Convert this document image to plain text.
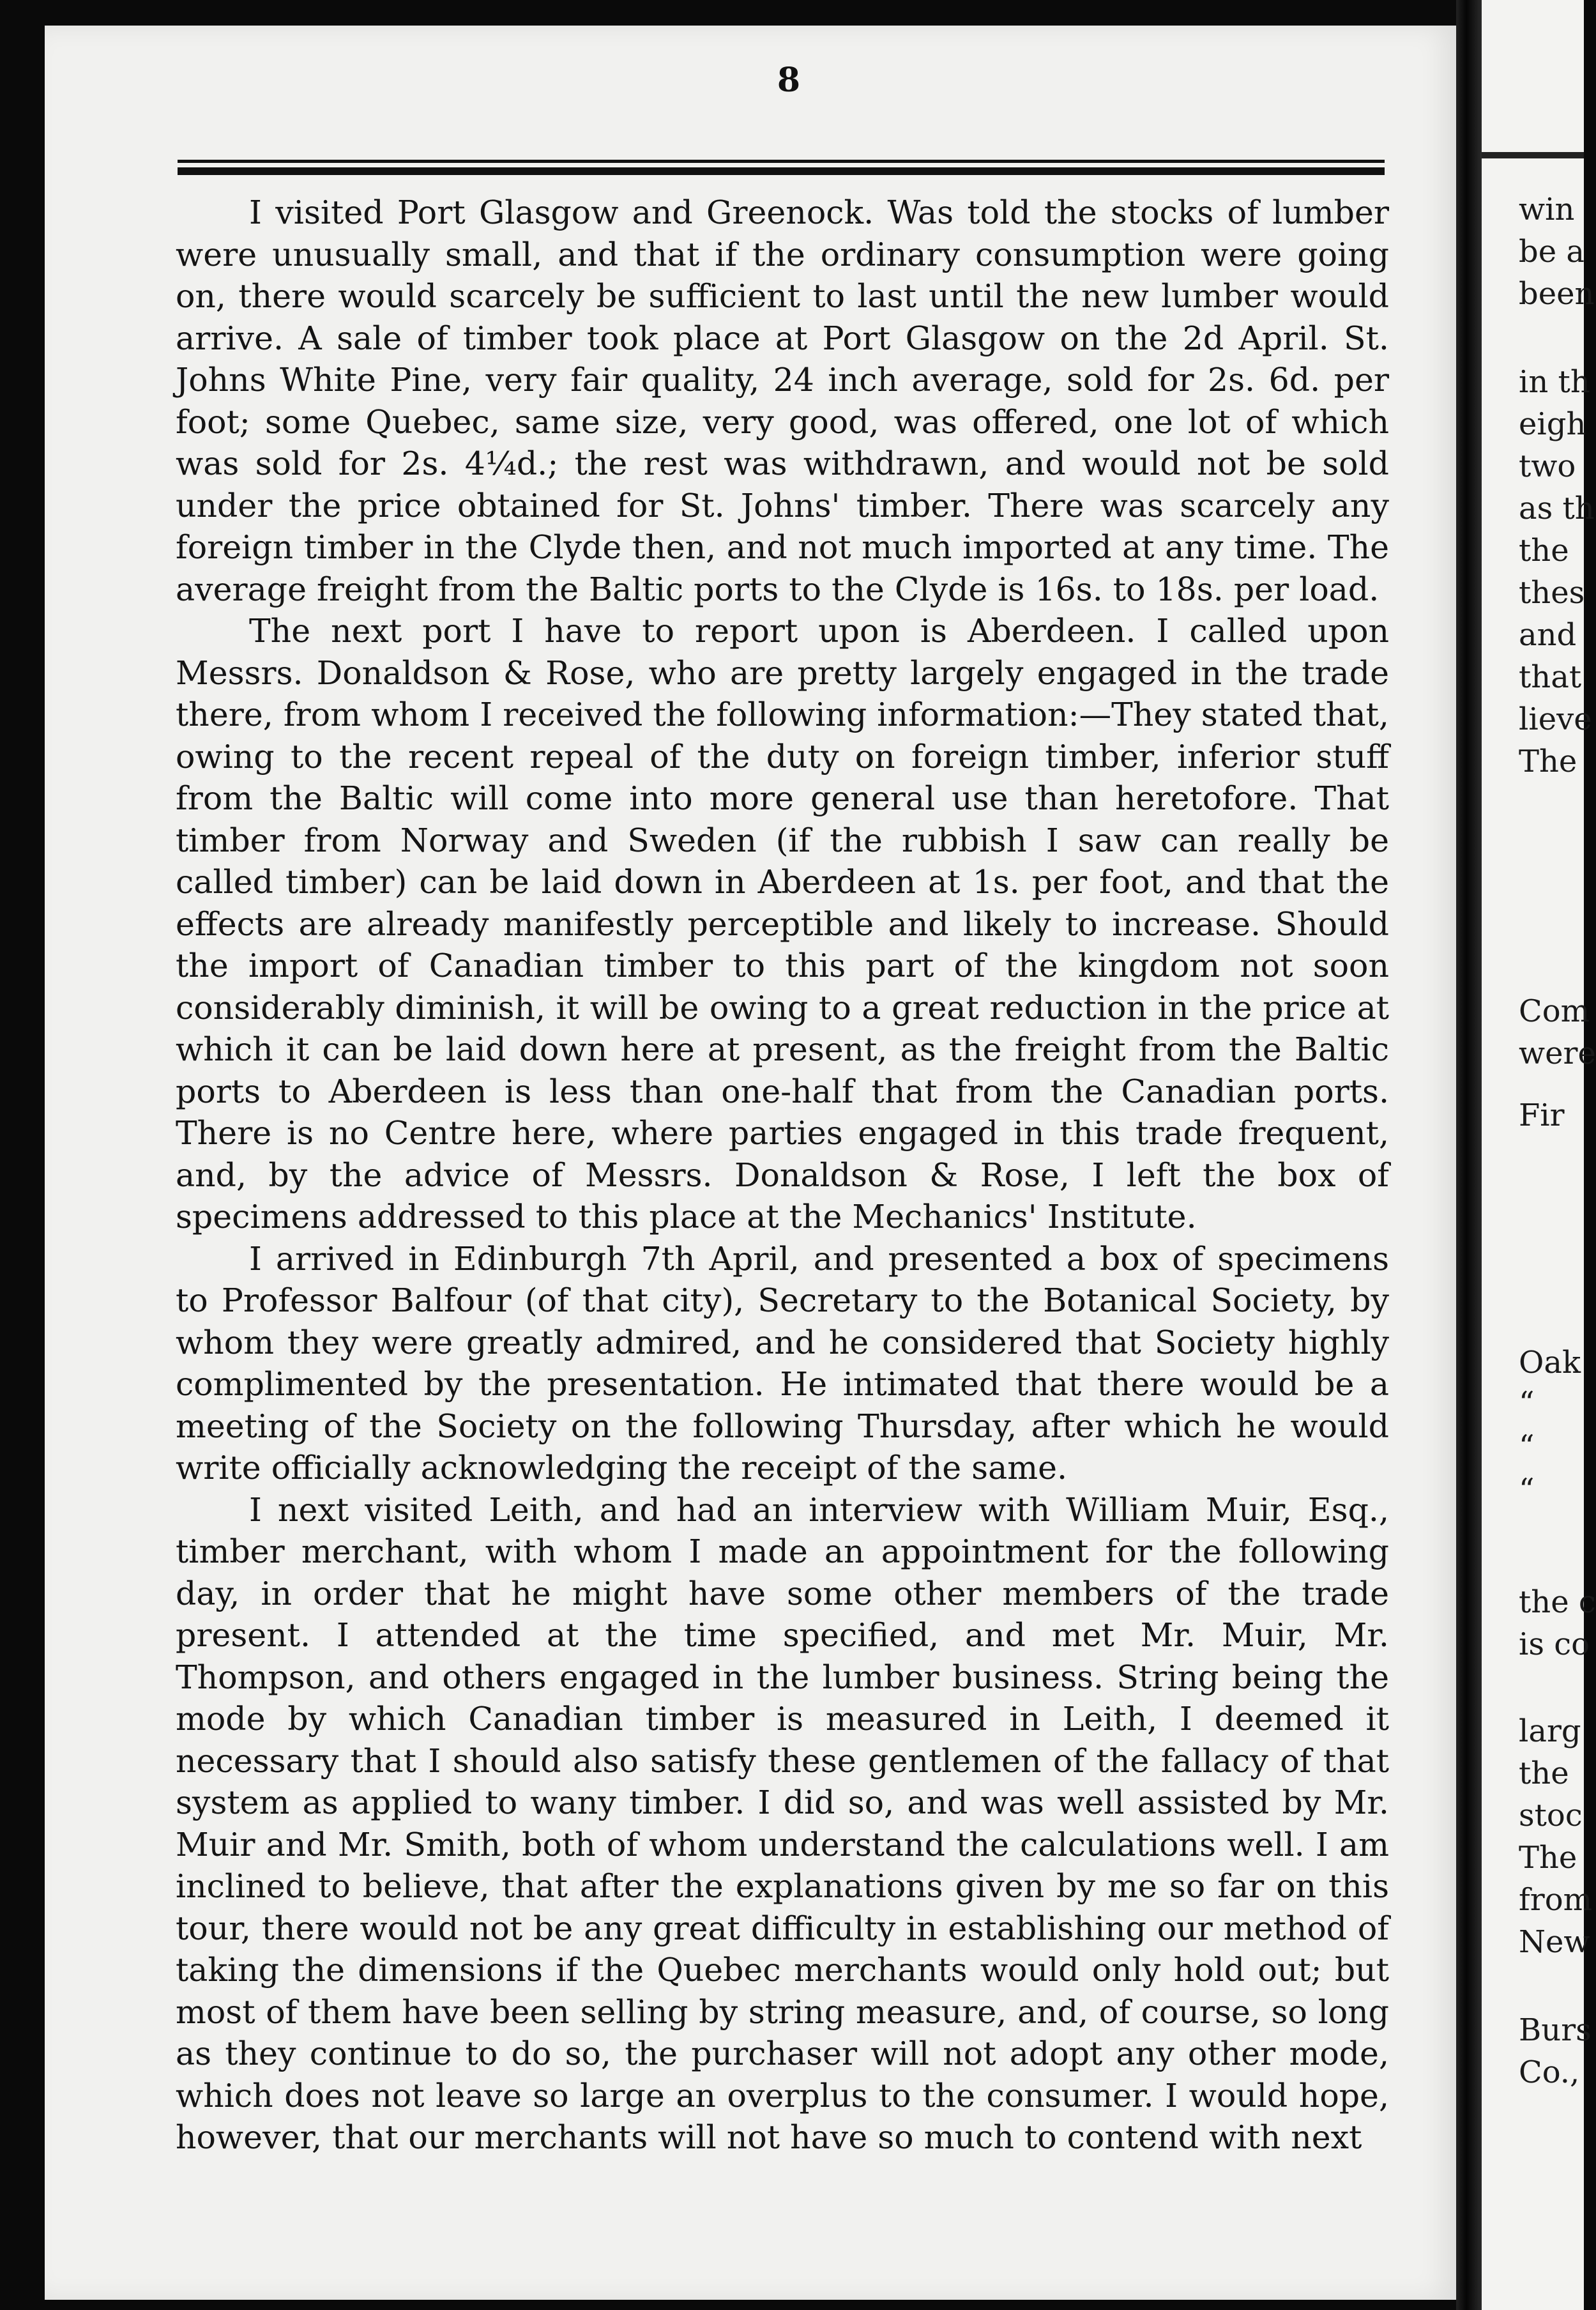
8

I visited Port Glasgow and Greenock. Was told the stocks of lumber were unusually small, and that if the ordinary consumption were going on, there would scarcely be sufficient to last until the new lumber would arrive. A sale of timber took place at Port Glasgow on the 2d April. St. Johns White Pine, very fair quality, 24 inch average, sold for 2s. 6d. per foot; some Quebec, same size, very good, was offered, one lot of which was sold for 2s. 4¼d.; the rest was withdrawn, and would not be sold under the price obtained for St. Johns' timber. There was scarcely any foreign timber in the Clyde then, and not much imported at any time. The average freight from the Baltic ports to the Clyde is 16s. to 18s. per load.

The next port I have to report upon is Aberdeen. I called upon Messrs. Donaldson & Rose, who are pretty largely engaged in the trade there, from whom I received the following information:—They stated that, owing to the recent repeal of the duty on foreign timber, inferior stuff from the Baltic will come into more general use than heretofore. That timber from Norway and Sweden (if the rubbish I saw can really be called timber) can be laid down in Aberdeen at 1s. per foot, and that the effects are already manifestly perceptible and likely to increase. Should the import of Canadian timber to this part of the kingdom not soon considerably diminish, it will be owing to a great reduction in the price at which it can be laid down here at present, as the freight from the Baltic ports to Aberdeen is less than one-half that from the Canadian ports. There is no Centre here, where parties engaged in this trade frequent, and, by the advice of Messrs. Donaldson & Rose, I left the box of specimens addressed to this place at the Mechanics' Institute.

I arrived in Edinburgh 7th April, and presented a box of specimens to Professor Balfour (of that city), Secretary to the Botanical Society, by whom they were greatly admired, and he considered that Society highly complimented by the presentation. He intimated that there would be a meeting of the Society on the following Thursday, after which he would write officially acknowledging the receipt of the same.

I next visited Leith, and had an interview with William Muir, Esq., timber merchant, with whom I made an appointment for the following day, in order that he might have some other members of the trade present. I attended at the time specified, and met Mr. Muir, Mr. Thompson, and others engaged in the lumber business. String being the mode by which Canadian timber is measured in Leith, I deemed it necessary that I should also satisfy these gentlemen of the fallacy of that system as applied to wany timber. I did so, and was well assisted by Mr. Muir and Mr. Smith, both of whom understand the calculations well. I am inclined to believe, that after the explanations given by me so far on this tour, there would not be any great difficulty in establishing our method of taking the dimensions if the Quebec merchants would only hold out; but most of them have been selling by string measure, and, of course, so long as they continue to do so, the purchaser will not adopt any other mode, which does not leave so large an overplus to the consumer. I would hope, however, that our merchants will not have so much to contend with next

win
be a
been
in th
eigh
two
as th
the
thes
and
that
lieve
The
Com
were
Fir
Oak
“
“
“
the c
is co
larg
the
stoc
The
from
New
Burs
Co.,
